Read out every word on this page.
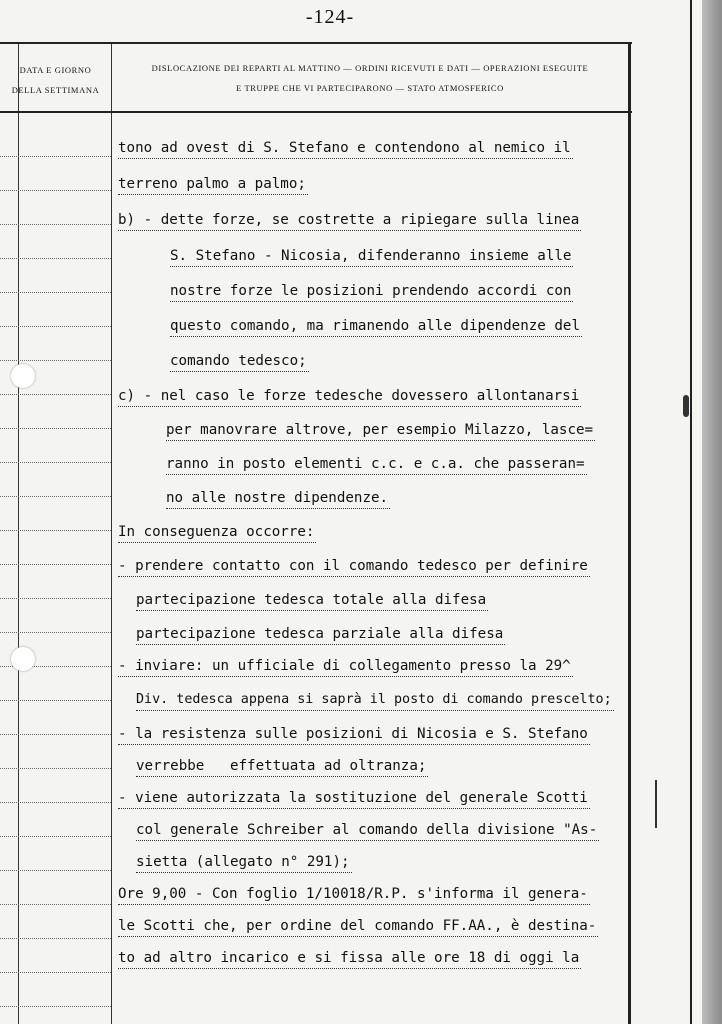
-124-
DATA E GIORNO
DELLA SETTIMANA
DISLOCAZIONE DEI REPARTI AL MATTINO — ORDINI RICEVUTI E DATI — OPERAZIONI ESEGUITE
E TRUPPE CHE VI PARTECIPARONO — STATO ATMOSFERICO
tono ad ovest di S. Stefano e contendono al nemico il
terreno palmo a palmo;
b) - dette forze, se costrette a ripiegare sulla linea
S. Stefano - Nicosia, difenderanno insieme alle
nostre forze le posizioni prendendo accordi con
questo comando, ma rimanendo alle dipendenze del
comando tedesco;
c) - nel caso le forze tedesche dovessero allontanarsi
per manovrare altrove, per esempio Milazzo, lasce=
ranno in posto elementi c.c. e c.a. che passeran=
no alle nostre dipendenze.
In conseguenza occorre:
- prendere contatto con il comando tedesco per definire
partecipazione tedesca totale alla difesa
partecipazione tedesca parziale alla difesa
- inviare: un ufficiale di collegamento presso la 29^
Div. tedesca appena si saprà il posto di comando prescelto;
- la resistenza sulle posizioni di Nicosia e S. Stefano
verrebbe   effettuata ad oltranza;
- viene autorizzata la sostituzione del generale Scotti
col generale Schreiber al comando della divisione "As-
sietta (allegato n° 291);
Ore 9,00 - Con foglio 1/10018/R.P. s'informa il genera-
le Scotti che, per ordine del comando FF.AA., è destina-
to ad altro incarico e si fissa alle ore 18 di oggi la
